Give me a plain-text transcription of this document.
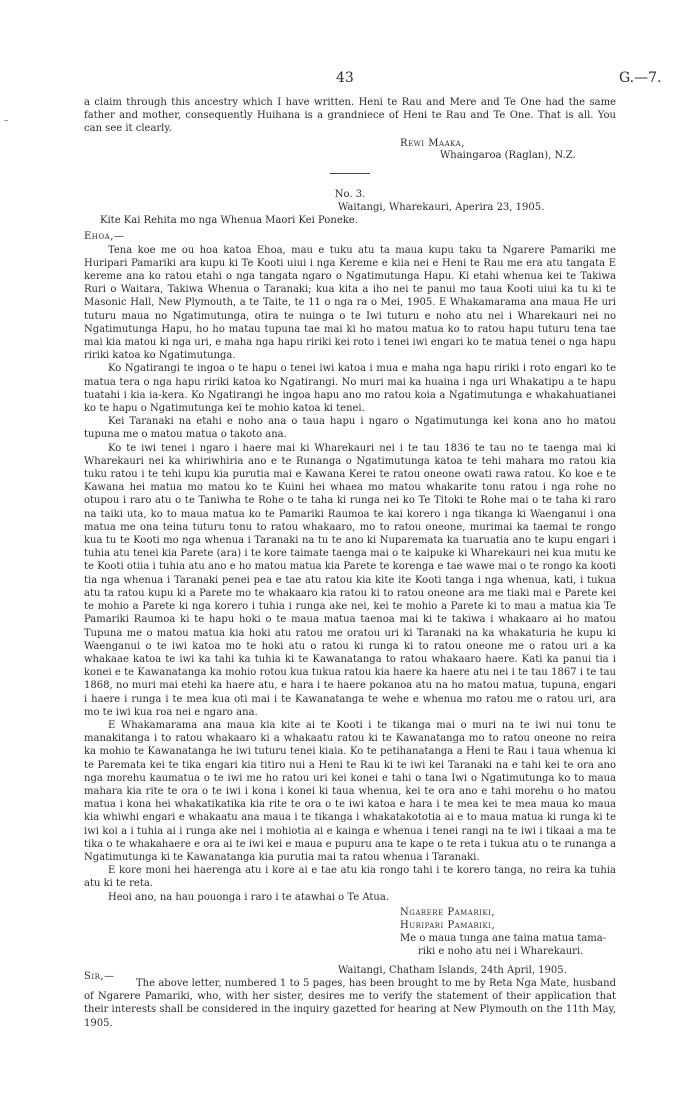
43	G.—7.
–

a claim through this ancestry which I have written. Heni te Rau and Mere and Te One had the same father and mother, consequently Huihana is a grandniece of Heni te Rau and Te One. That is all. You can see it clearly.

Rewi Maaka,
Whaingaroa (Raglan), N.Z.
No. 3.
Waitangi, Wharekauri, Aperira 23, 1905.
Kite Kai Rehita mo nga Whenua Maori Kei Poneke.
Ehoa,—

Tena koe me ou hoa katoa Ehoa, mau e tuku atu ta maua kupu taku ta Ngarere Pamariki me Huripari Pamariki ara kupu ki Te Kooti uiui i nga Kereme e kiia nei e Heni te Rau me era atu tangata E kereme ana ko ratou etahi o nga tangata ngaro o Ngatimutunga Hapu. Ki etahi whenua kei te Takiwa Ruri o Waitara, Takiwa Whenua o Taranaki; kua kita a iho nei te panui mo taua Kooti uiui ka tu ki te Masonic Hall, New Plymouth, a te Taite, te 11 o nga ra o Mei, 1905. E Whakamarama ana maua He uri tuturu maua no Ngatimutunga, otira te nuinga o te Iwi tuturu e noho atu nei i Wharekauri nei no Ngatimutunga Hapu, ho ho matau tupuna tae mai ki ho matou matua ko to ratou hapu tuturu tena tae mai kia matou ki nga uri, e maha nga hapu ririki kei roto i tenei iwi engari ko te matua tenei o nga hapu ririki katoa ko Ngatimutunga.

Ko Ngatirangi te ingoa o te hapu o tenei iwi katoa i mua e maha nga hapu ririki i roto engari ko te matua tera o nga hapu ririki katoa ko Ngatirangi. No muri mai ka huaina i nga uri Whakatipu a te hapu tuatahi i kia ia-kera. Ko Ngatirangi he ingoa hapu ano mo ratou koia a Ngatimutunga e whakahuatianei ko te hapu o Ngatimutunga kei te mohio katoa ki tenei.

Kei Taranaki na etahi e noho ana o taua hapu i ngaro o Ngatimutunga kei kona ano ho matou tupuna me o matou matua o takoto ana.

Ko te iwi tenei i ngaro i haere mai ki Wharekauri nei i te tau 1836 te tau no te taenga mai ki Wharekauri nei ka whiriwhiria ano e te Runanga o Ngatimutunga katoa te tehi mahara mo ratou kia tuku ratou i te tehi kupu kia purutia mai e Kawana Kerei te ratou oneone owati rawa ratou. Ko koe e te Kawana hei matua mo matou ko te Kuini hei whaea mo matou whakarite tonu ratou i nga rohe no otupou i raro atu o te Taniwha te Rohe o te taha ki runga nei ko Te Titoki te Rohe mai o te taha ki raro na taiki uta, ko to maua matua ko te Pamariki Raumoa te kai korero i nga tikanga ki Waenganui i ona matua me ona teina tuturu tonu to ratou whakaaro, mo to ratou oneone, murimai ka taemai te rongo kua tu te Kooti mo nga whenua i Taranaki na tu te ano ki Nuparemata ka tuaruatia ano te kupu engari i tuhia atu tenei kia Parete (ara) i te kore taimate taenga mai o te kaipuke ki Wharekauri nei kua mutu ke te Kooti otiia i tuhia atu ano e ho matou matua kia Parete te korenga e tae wawe mai o te rongo ka kooti tia nga whenua i Taranaki penei pea e tae atu ratou kia kite ite Kooti tanga i nga whenua, kati, i tukua atu ta ratou kupu ki a Parete mo te whakaaro kia ratou ki to ratou oneone ara me tiaki mai e Parete kei te mohio a Parete ki nga korero i tuhia i runga ake nei, kei te mohio a Parete ki to mau a matua kia Te Pamariki Raumoa ki te hapu hoki o te maua matua taenoa mai ki te takiwa i whakaaro ai ho matou Tupuna me o matou matua kia hoki atu ratou me oratou uri ki Taranaki na ka whakaturia he kupu ki Waenganui o te iwi katoa mo te hoki atu o ratou ki runga ki to ratou oneone me o ratou uri a ka whakaae katoa te iwi ka tahi ka tuhia ki te Kawanatanga to ratou whakaaro haere. Kati ka panui tia i konei e te Kawanatanga ka mohio rotou kua tukua ratou kia haere ka haere atu nei i te tau 1867 i te tau 1868, no muri mai etehi ka haere atu, e hara i te haere pokanoa atu na ho matou matua, tupuna, engari i haere i runga i te mea kua oti mai i te Kawanatanga te wehe e whenua mo ratou me o ratou uri, ara mo te iwi kua roa nei e ngaro ana.

E Whakamarama ana maua kia kite ai te Kooti i te tikanga mai o muri na te iwi nui tonu te manakitanga i to ratou whakaaro ki a whakaatu ratou ki te Kawanatanga mo to ratou oneone no reira ka mohio te Kawanatanga he iwi tuturu tenei kiaia. Ko te petihanatanga a Heni te Rau i taua whenua ki te Paremata kei te tika engari kia titiro nui a Heni te Rau ki te iwi kei Taranaki na e tahi kei te ora ano nga morehu kaumatua o te iwi me ho ratou uri kei konei e tahi o tana Iwi o Ngatimutunga ko to maua mahara kia rite te ora o te iwi i kona i konei ki taua whenua, kei te ora ano e tahi morehu o ho matou matua i kona hei whakatikatika kia rite te ora o te iwi katoa e hara i te mea kei te mea maua ko maua kia whiwhi engari e whakaatu ana maua i te tikanga i whakatakototia ai e to maua matua ki runga ki te iwi koi a i tuhia ai i runga ake nei i mohiotia ai e kainga e whenua i tenei rangi na te iwi i tikaai a ma te tika o te whakahaere e ora ai te iwi kei e maua e pupuru ana te kape o te reta i tukua atu o te runanga a Ngatimutunga ki te Kawanatanga kia purutia mai ta ratou whenua i Taranaki.

E kore moni hei haerenga atu i kore ai e tae atu kia rongo tahi i te korero tanga, no reira ka tuhia atu ki te reta.

Heoi ano, na hau pouonga i raro i te atawhai o Te Atua.

Ngarere Pamariki,
Huripari Pamariki,
Me o maua tunga ane taina matua tama-
riki e noho atu nei i Wharekauri.
Waitangi, Chatham Islands, 24th April, 1905.
Sir,—

The above letter, numbered 1 to 5 pages, has been brought to me by Reta Nga Mate, husband of Ngarere Pamariki, who, with her sister, desires me to verify the statement of their application that their interests shall be considered in the inquiry gazetted for hearing at New Plymouth on the 11th May, 1905.
